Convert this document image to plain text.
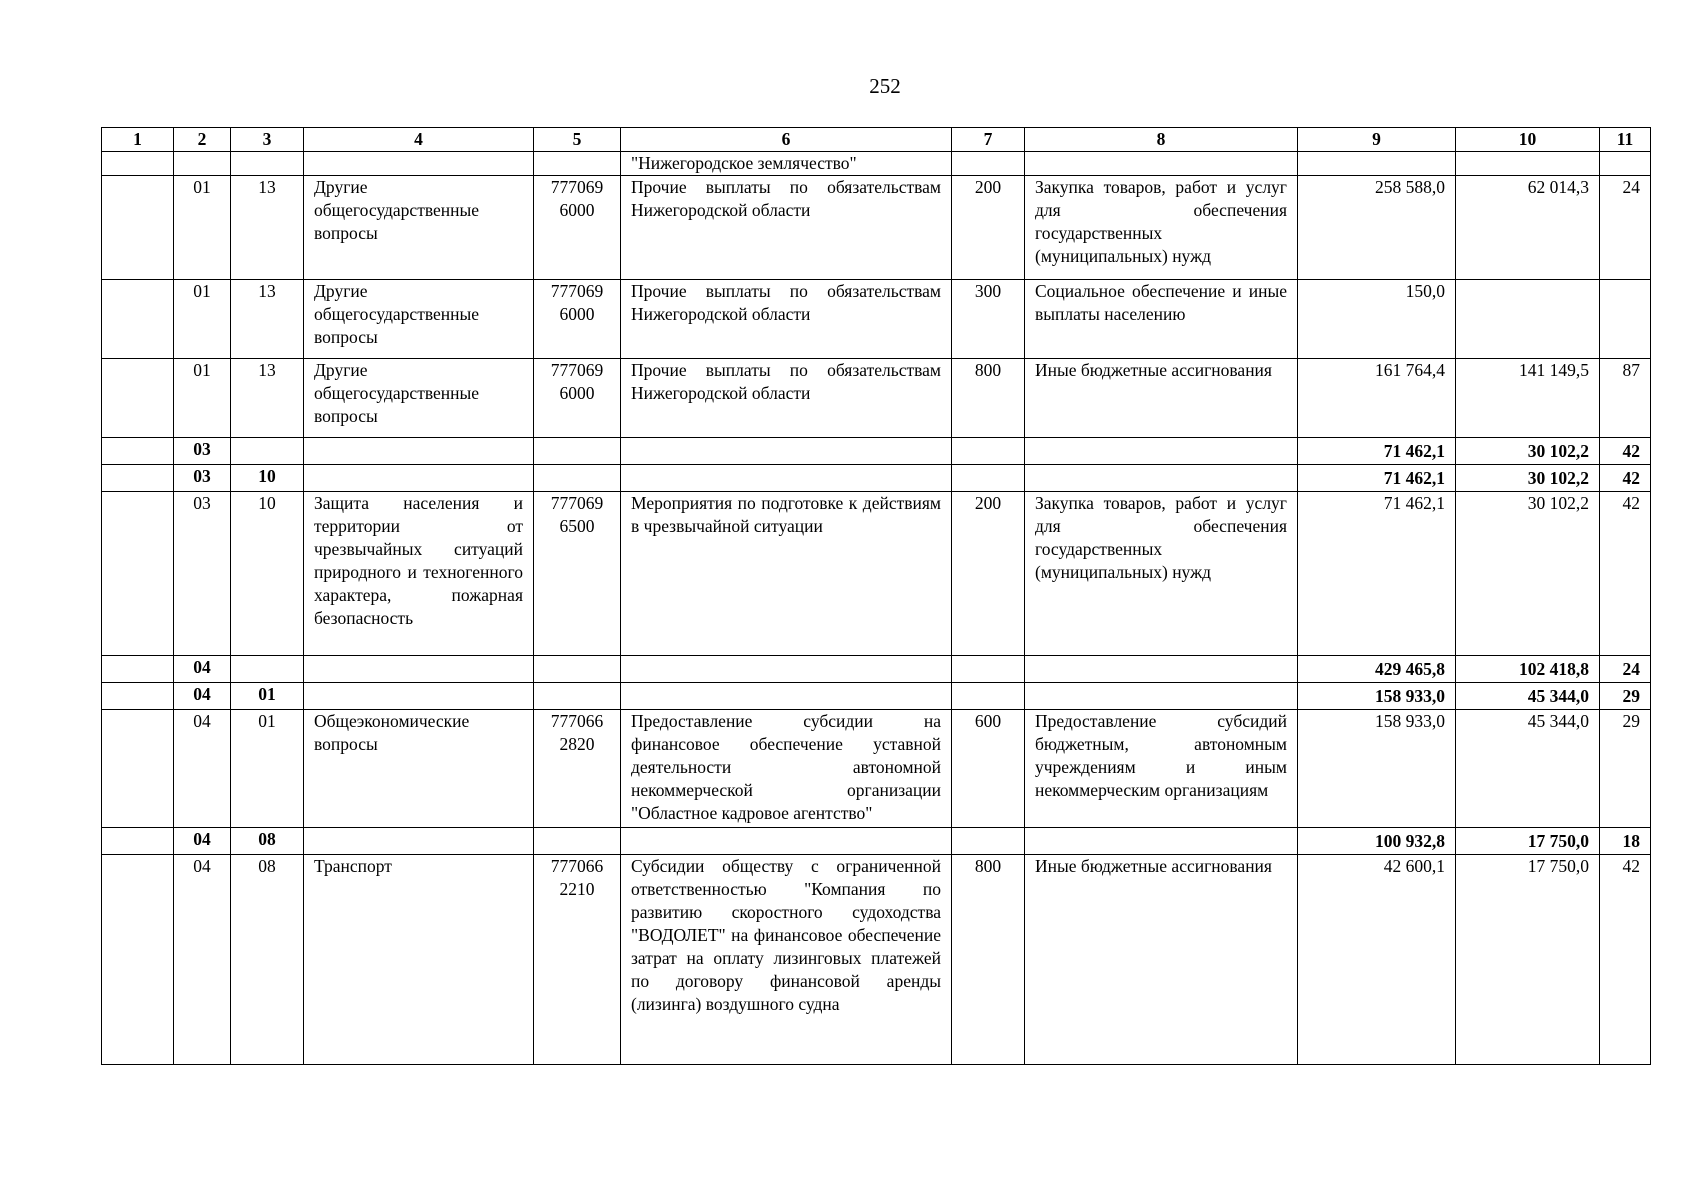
252
1	2	3	4	5	6	7	8	9	10	11
					"Нижегородское землячество"					
	01	13	Другие общегосударственные вопросы	777069 6000	Прочие выплаты по обязательствам Нижегородской области	200	Закупка товаров, работ и услуг для обеспечения государственных (муниципальных) нужд	258 588,0	62 014,3	24
	01	13	Другие общегосударственные вопросы	777069 6000	Прочие выплаты по обязательствам Нижегородской области	300	Социальное обеспечение и иные выплаты населению	150,0		
	01	13	Другие общегосударственные вопросы	777069 6000	Прочие выплаты по обязательствам Нижегородской области	800	Иные бюджетные ассигнования	161 764,4	141 149,5	87
	03							71 462,1	30 102,2	42
	03	10						71 462,1	30 102,2	42
	03	10	Защита населения и территории от чрезвычайных ситуаций природного и техногенного характера, пожарная безопасность	777069 6500	Мероприятия по подготовке к действиям в чрезвычайной ситуации	200	Закупка товаров, работ и услуг для обеспечения государственных (муниципальных) нужд	71 462,1	30 102,2	42
	04							429 465,8	102 418,8	24
	04	01						158 933,0	45 344,0	29
	04	01	Общеэкономические вопросы	777066 2820	Предоставление субсидии на финансовое обеспечение уставной деятельности автономной некоммерческой организации "Областное кадровое агентство"	600	Предоставление субсидий бюджетным, автономным учреждениям и иным некоммерческим организациям	158 933,0	45 344,0	29
	04	08						100 932,8	17 750,0	18
	04	08	Транспорт	777066 2210	Субсидии обществу с ограниченной ответственностью "Компания по развитию скоростного судоходства "ВОДОЛЕТ" на финансовое обеспечение затрат на оплату лизинговых платежей по договору финансовой аренды (лизинга) воздушного судна	800	Иные бюджетные ассигнования	42 600,1	17 750,0	42
